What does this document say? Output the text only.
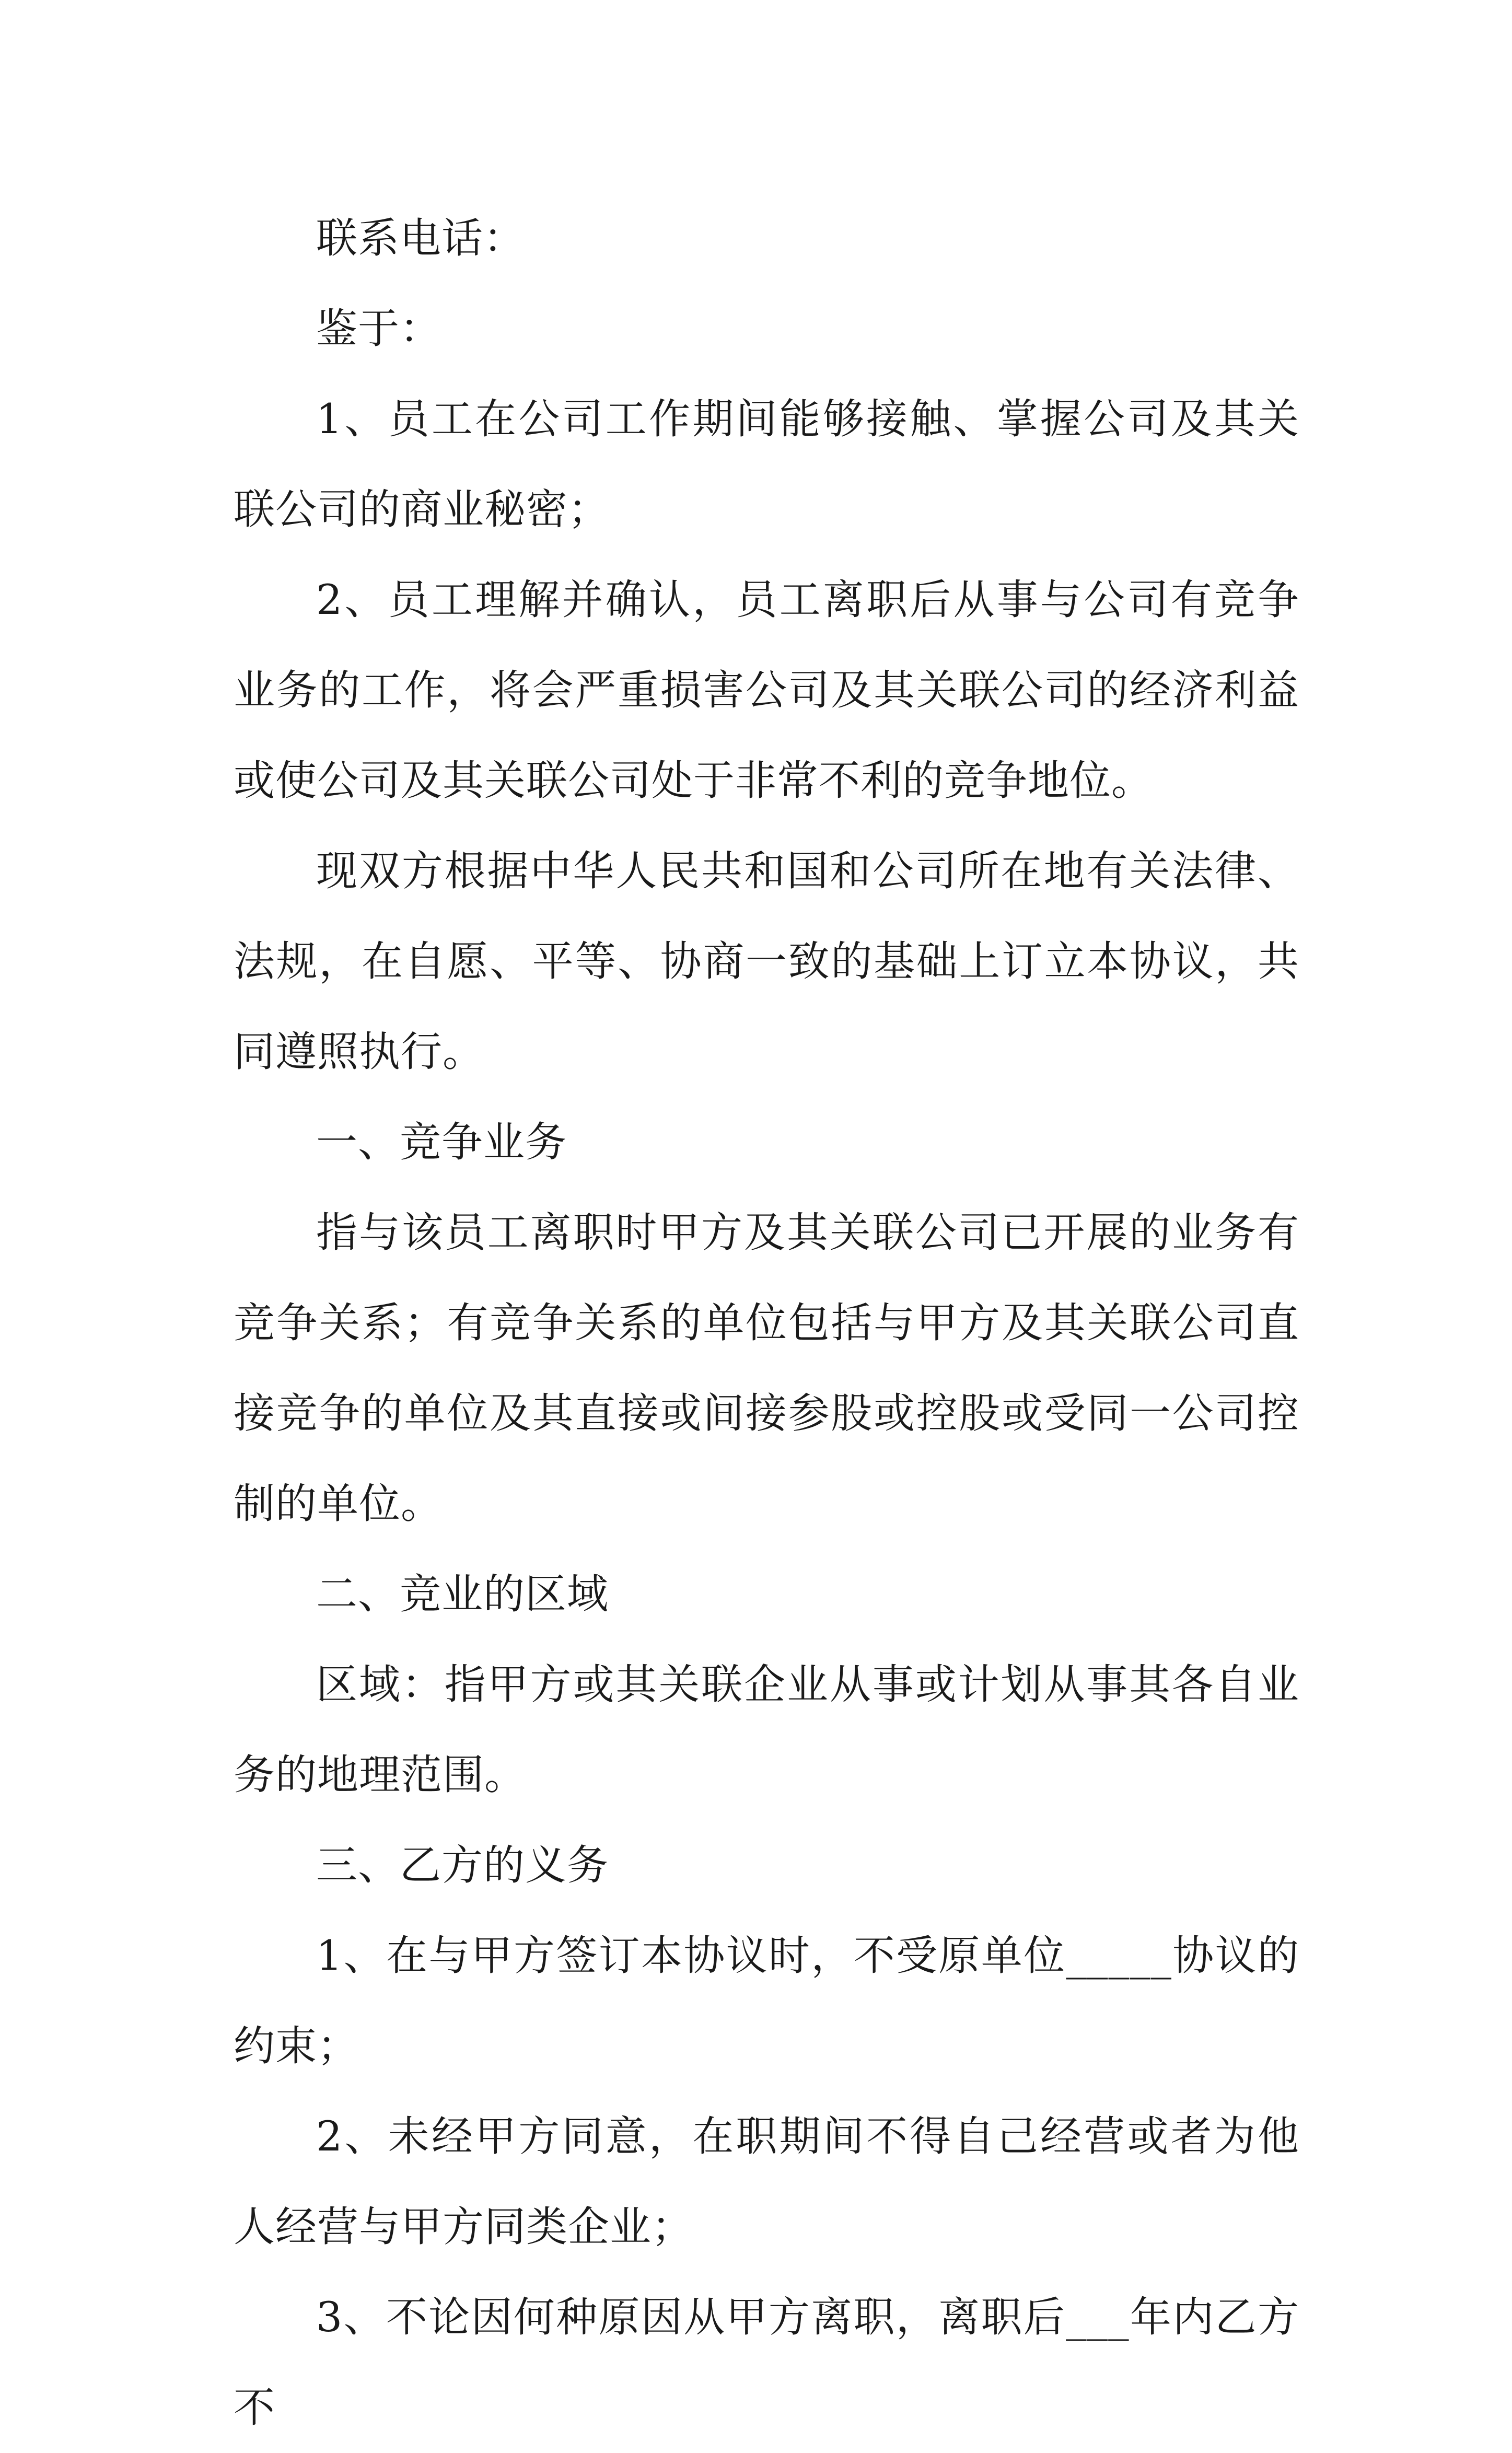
联系电话：

鉴于：

1、员工在公司工作期间能够接触、掌握公司及其关联公司的商业秘密；

2、员工理解并确认，员工离职后从事与公司有竞争业务的工作，将会严重损害公司及其关联公司的经济利益或使公司及其关联公司处于非常不利的竞争地位。

现双方根据中华人民共和国和公司所在地有关法律、法规，在自愿、平等、协商一致的基础上订立本协议，共同遵照执行。

一、竞争业务

指与该员工离职时甲方及其关联公司已开展的业务有竞争关系；有竞争关系的单位包括与甲方及其关联公司直接竞争的单位及其直接或间接参股或控股或受同一公司控制的单位。

二、竞业的区域

区域：指甲方或其关联企业从事或计划从事其各自业务的地理范围。

三、乙方的义务

1、在与甲方签订本协议时，不受原单位_____协议的约束；

2、未经甲方同意，在职期间不得自己经营或者为他人经营与甲方同类企业；

3、不论因何种原因从甲方离职，离职后___年内乙方不
